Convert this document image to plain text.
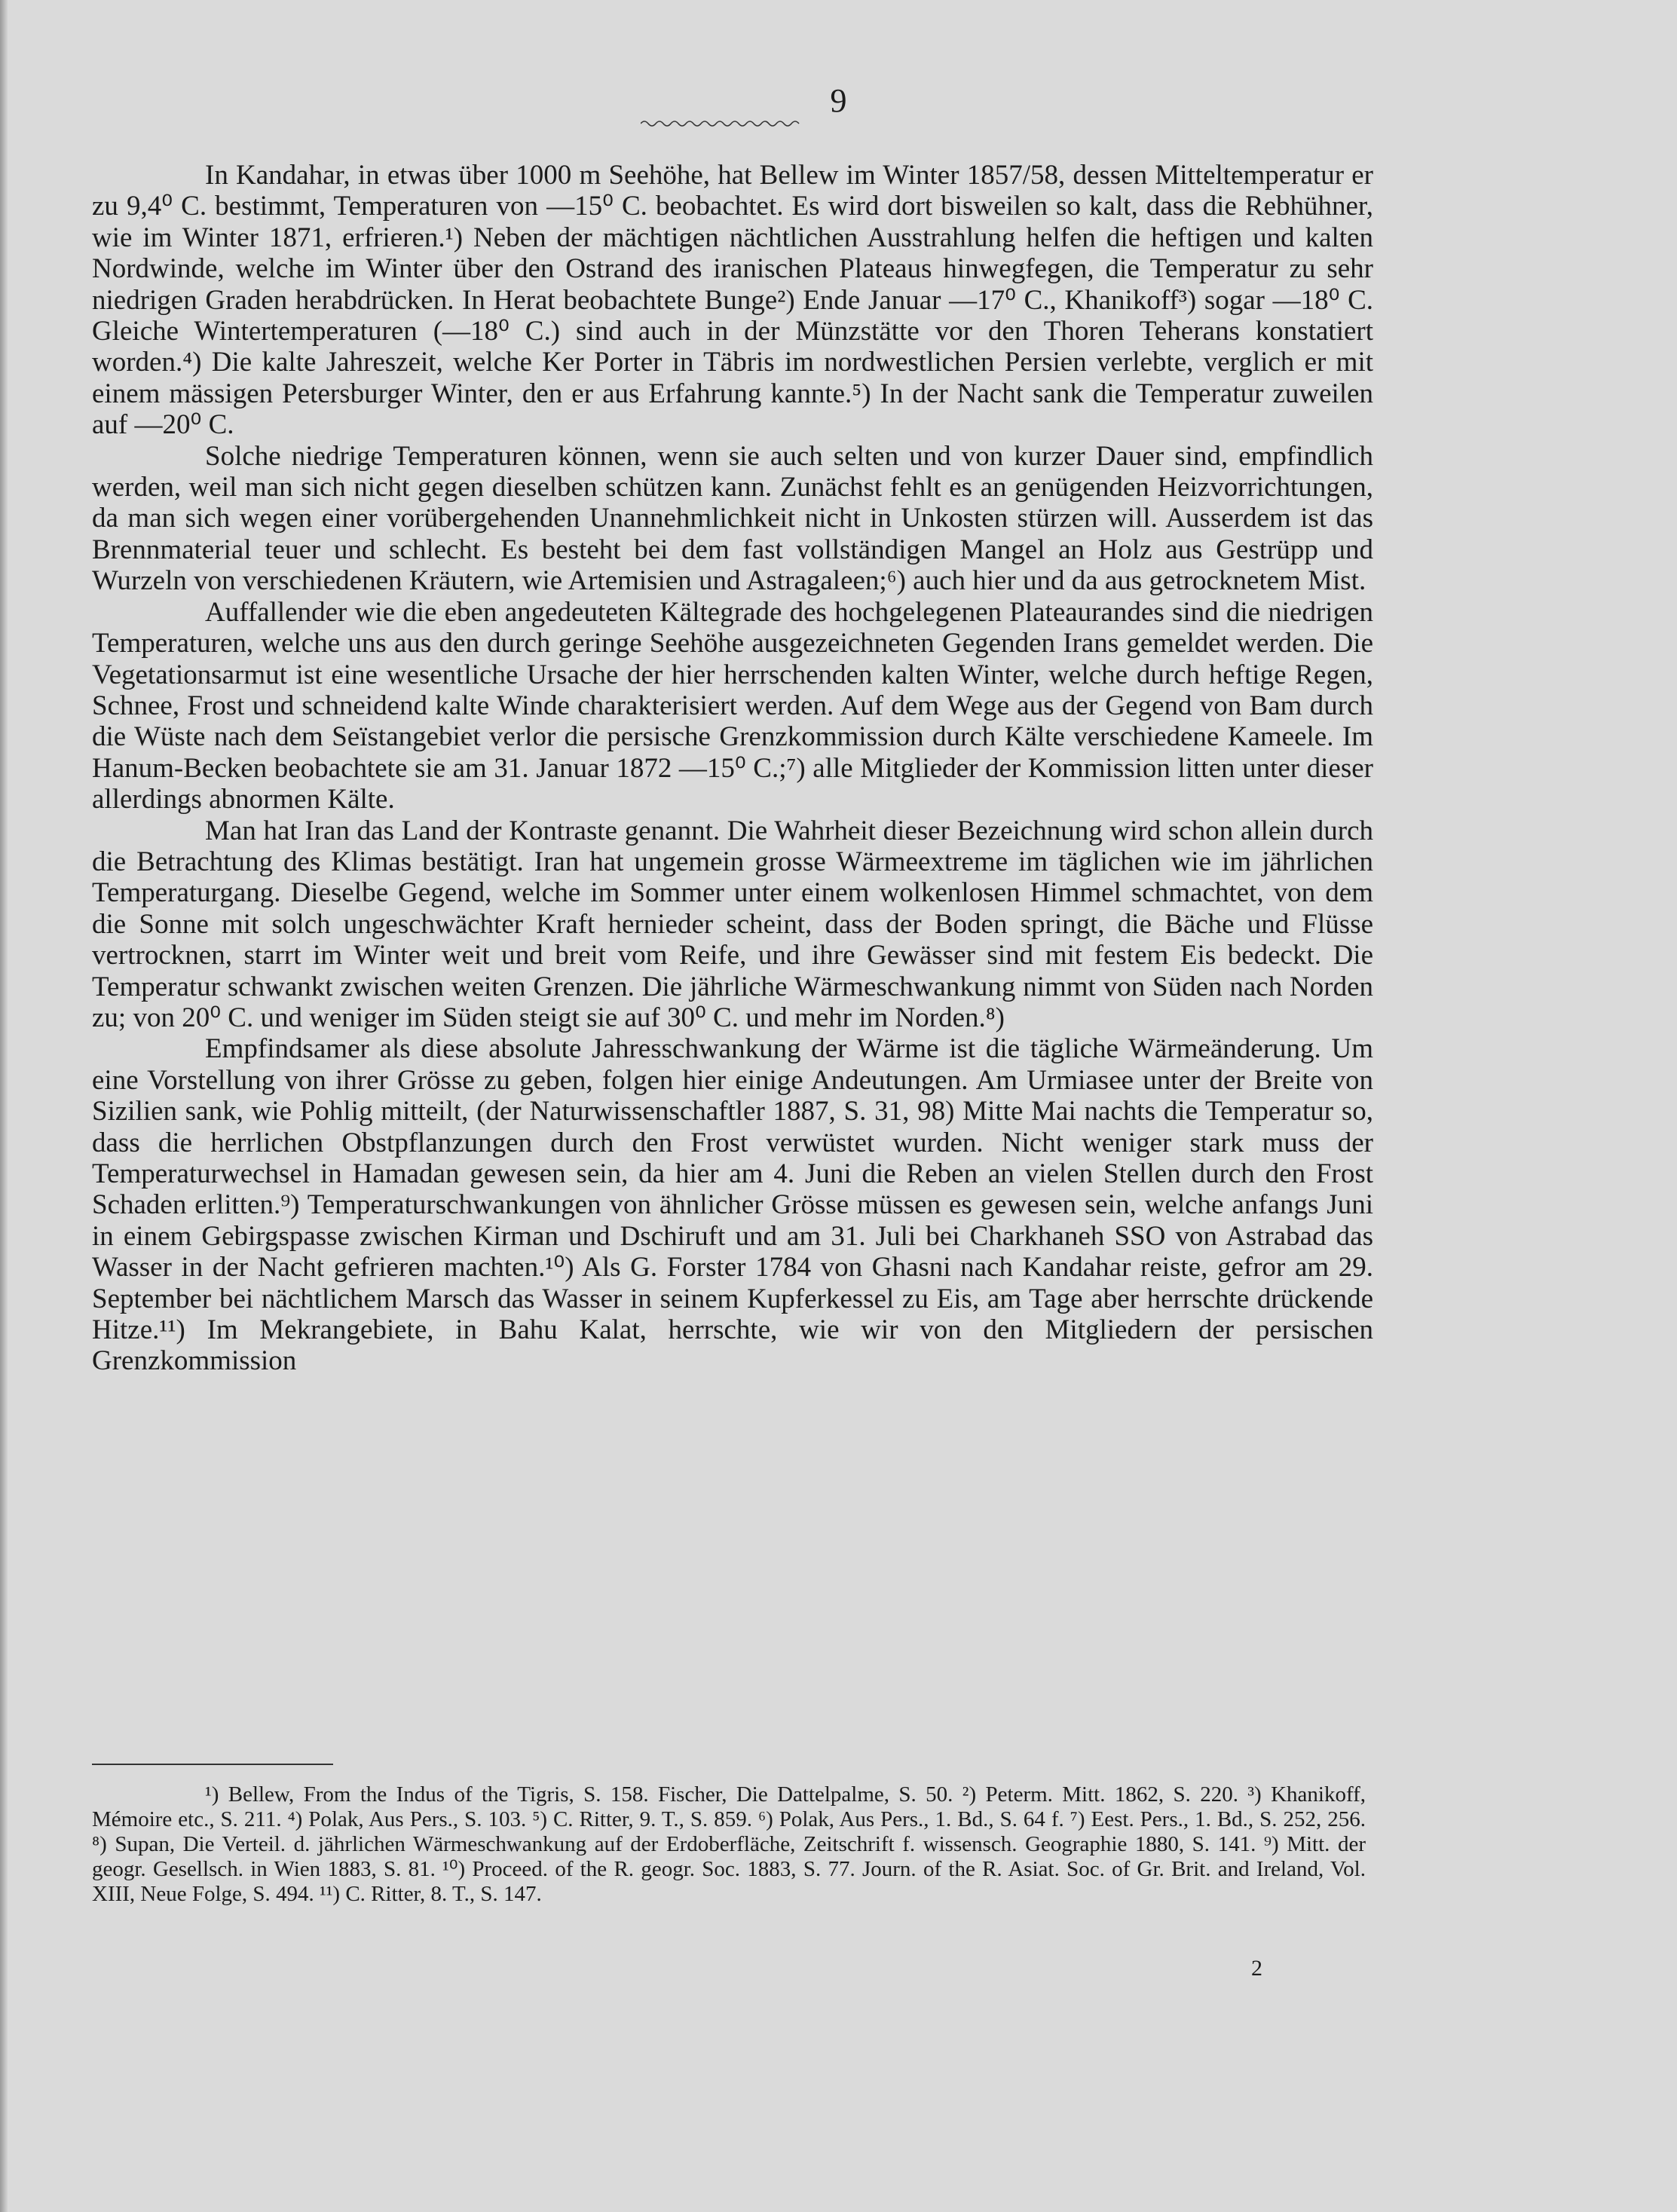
9

In Kandahar, in etwas über 1000 m Seehöhe, hat Bellew im Winter 1857/58, dessen Mitteltemperatur er zu 9,4⁰ C. bestimmt, Temperaturen von —15⁰ C. beobachtet. Es wird dort bisweilen so kalt, dass die Rebhühner, wie im Winter 1871, erfrieren.¹) Neben der mächtigen nächtlichen Ausstrahlung helfen die heftigen und kalten Nordwinde, welche im Winter über den Ostrand des iranischen Plateaus hinwegfegen, die Temperatur zu sehr niedrigen Graden herabdrücken. In Herat beobachtete Bunge²) Ende Januar —17⁰ C., Khanikoff³) sogar —18⁰ C. Gleiche Wintertemperaturen (—18⁰ C.) sind auch in der Münzstätte vor den Thoren Teherans konstatiert worden.⁴) Die kalte Jahreszeit, welche Ker Porter in Täbris im nordwestlichen Persien verlebte, verglich er mit einem mässigen Petersburger Winter, den er aus Erfahrung kannte.⁵) In der Nacht sank die Temperatur zuweilen auf —20⁰ C.

Solche niedrige Temperaturen können, wenn sie auch selten und von kurzer Dauer sind, empfindlich werden, weil man sich nicht gegen dieselben schützen kann. Zunächst fehlt es an genügenden Heizvorrichtungen, da man sich wegen einer vorübergehenden Unannehmlichkeit nicht in Unkosten stürzen will. Ausserdem ist das Brennmaterial teuer und schlecht. Es besteht bei dem fast vollständigen Mangel an Holz aus Gestrüpp und Wurzeln von verschiedenen Kräutern, wie Artemisien und Astragaleen;⁶) auch hier und da aus getrocknetem Mist.

Auffallender wie die eben angedeuteten Kältegrade des hochgelegenen Plateaurandes sind die niedrigen Temperaturen, welche uns aus den durch geringe Seehöhe ausgezeichneten Gegenden Irans gemeldet werden. Die Vegetationsarmut ist eine wesentliche Ursache der hier herrschenden kalten Winter, welche durch heftige Regen, Schnee, Frost und schneidend kalte Winde charakterisiert werden. Auf dem Wege aus der Gegend von Bam durch die Wüste nach dem Seïstangebiet verlor die persische Grenzkommission durch Kälte verschiedene Kameele. Im Hanum-Becken beobachtete sie am 31. Januar 1872 —15⁰ C.;⁷) alle Mitglieder der Kommission litten unter dieser allerdings abnormen Kälte.

Man hat Iran das Land der Kontraste genannt. Die Wahrheit dieser Bezeichnung wird schon allein durch die Betrachtung des Klimas bestätigt. Iran hat ungemein grosse Wärmeextreme im täglichen wie im jährlichen Temperaturgang. Dieselbe Gegend, welche im Sommer unter einem wolkenlosen Himmel schmachtet, von dem die Sonne mit solch ungeschwächter Kraft hernieder scheint, dass der Boden springt, die Bäche und Flüsse vertrocknen, starrt im Winter weit und breit vom Reife, und ihre Gewässer sind mit festem Eis bedeckt. Die Temperatur schwankt zwischen weiten Grenzen. Die jährliche Wärmeschwankung nimmt von Süden nach Norden zu; von 20⁰ C. und weniger im Süden steigt sie auf 30⁰ C. und mehr im Norden.⁸)

Empfindsamer als diese absolute Jahresschwankung der Wärme ist die tägliche Wärmeänderung. Um eine Vorstellung von ihrer Grösse zu geben, folgen hier einige Andeutungen. Am Urmiasee unter der Breite von Sizilien sank, wie Pohlig mitteilt, (der Naturwissenschaftler 1887, S. 31, 98) Mitte Mai nachts die Temperatur so, dass die herrlichen Obstpflanzungen durch den Frost verwüstet wurden. Nicht weniger stark muss der Temperaturwechsel in Hamadan gewesen sein, da hier am 4. Juni die Reben an vielen Stellen durch den Frost Schaden erlitten.⁹) Temperaturschwankungen von ähnlicher Grösse müssen es gewesen sein, welche anfangs Juni in einem Gebirgspasse zwischen Kirman und Dschiruft und am 31. Juli bei Charkhaneh SSO von Astrabad das Wasser in der Nacht gefrieren machten.¹⁰) Als G. Forster 1784 von Ghasni nach Kandahar reiste, gefror am 29. September bei nächtlichem Marsch das Wasser in seinem Kupferkessel zu Eis, am Tage aber herrschte drückende Hitze.¹¹) Im Mekrangebiete, in Bahu Kalat, herrschte, wie wir von den Mitgliedern der persischen Grenzkommission

¹) Bellew, From the Indus of the Tigris, S. 158. Fischer, Die Dattelpalme, S. 50. ²) Peterm. Mitt. 1862, S. 220. ³) Khanikoff, Mémoire etc., S. 211. ⁴) Polak, Aus Pers., S. 103. ⁵) C. Ritter, 9. T., S. 859. ⁶) Polak, Aus Pers., 1. Bd., S. 64 f. ⁷) Eest. Pers., 1. Bd., S. 252, 256. ⁸) Supan, Die Verteil. d. jährlichen Wärmeschwankung auf der Erdoberfläche, Zeitschrift f. wissensch. Geographie 1880, S. 141. ⁹) Mitt. der geogr. Gesellsch. in Wien 1883, S. 81. ¹⁰) Proceed. of the R. geogr. Soc. 1883, S. 77. Journ. of the R. Asiat. Soc. of Gr. Brit. and Ireland, Vol. XIII, Neue Folge, S. 494. ¹¹) C. Ritter, 8. T., S. 147.

2
